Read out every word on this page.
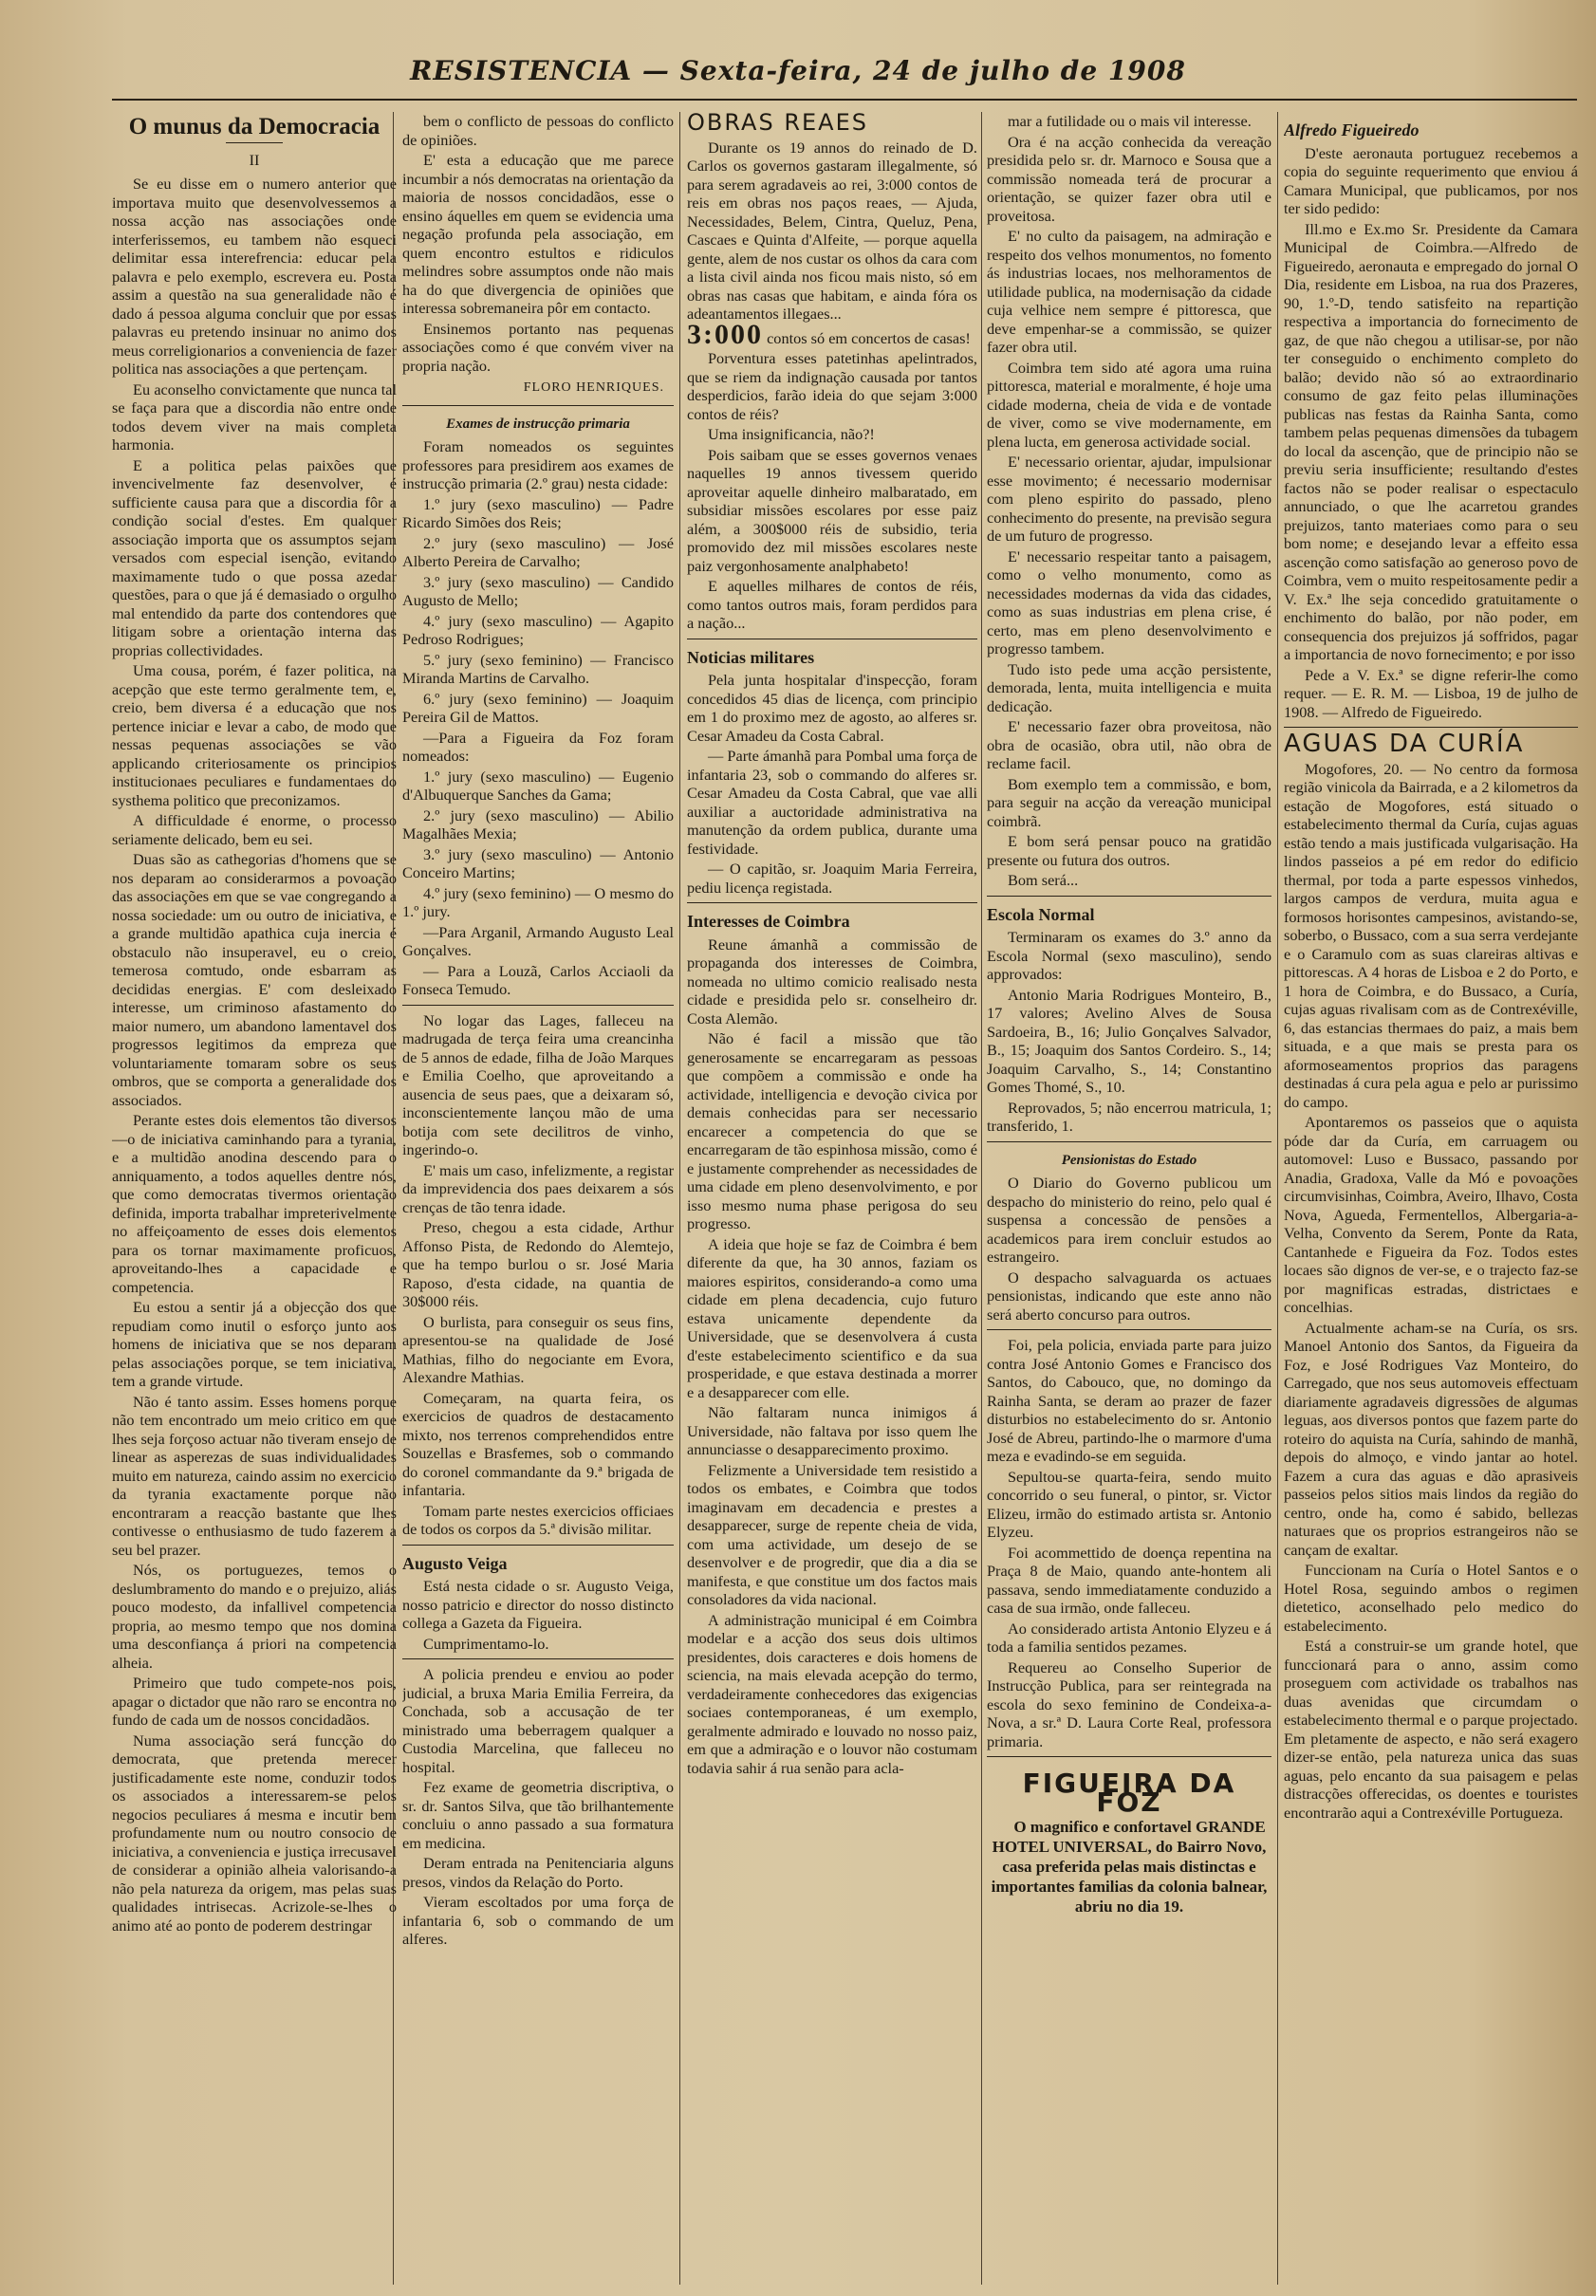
RESISTENCIA — Sexta-feira, 24 de julho de 1908
O munus da Democracia
II

Se eu disse em o numero anterior que importava muito que desenvolvessemos a nossa acção nas associações onde interferissemos, eu tambem não esqueci delimitar essa interefrencia: educar pela palavra e pelo exemplo, escrevera eu. Posta assim a questão na sua generalidade não é dado á pessoa alguma concluir que por essas palavras eu pretendo insinuar no animo dos meus correligionarios a conveniencia de fazer politica nas associações a que pertençam.

Eu aconselho convictamente que nunca tal se faça para que a discordia não entre onde todos devem viver na mais completa harmonia.

E a politica pelas paixões que invencivelmente faz desenvolver, é sufficiente causa para que a discordia fôr a condição social d'estes. Em qualquer associação importa que os assumptos sejam versados com especial isenção, evitando maximamente tudo o que possa azedar questões, para o que já é demasiado o orgulho mal entendido da parte dos contendores que litigam sobre a orientação interna das proprias collectividades.

Uma cousa, porém, é fazer politica, na acepção que este termo geralmente tem, e, creio, bem diversa é a educação que nos pertence iniciar e levar a cabo, de modo que nessas pequenas associações se vão applicando criteriosamente os principios institucionaes peculiares e fundamentaes do systhema politico que preconizamos.

A difficuldade é enorme, o processo seriamente delicado, bem eu sei.

Duas são as cathegorias d'homens que se nos deparam ao considerarmos a povoação das associações em que se vae congregando a nossa sociedade: um ou outro de iniciativa, e a grande multidão apathica cuja inercia é obstaculo não insuperavel, eu o creio, temerosa comtudo, onde esbarram as decididas energias. E' com desleixado interesse, um criminoso afastamento do maior numero, um abandono lamentavel dos progressos legitimos da empreza que voluntariamente tomaram sobre os seus ombros, que se comporta a generalidade dos associados.

Perante estes dois elementos tão diversos—o de iniciativa caminhando para a tyrania, e a multidão anodina descendo para o anniquamento, a todos aquelles dentre nós, que como democratas tivermos orientação definida, importa trabalhar impreterivelmente no affeiçoamento de esses dois elementos para os tornar maximamente proficuos, aproveitando-lhes a capacidade e competencia.

Eu estou a sentir já a objecção dos que repudiam como inutil o esforço junto aos homens de iniciativa que se nos deparam pelas associações porque, se tem iniciativa, tem a grande virtude.

Não é tanto assim. Esses homens porque não tem encontrado um meio critico em que lhes seja forçoso actuar não tiveram ensejo de linear as asperezas de suas individualidades muito em natureza, caindo assim no exercicio da tyrania exactamente porque não encontraram a reacção bastante que lhes contivesse o enthusiasmo de tudo fazerem a seu bel prazer.

Nós, os portuguezes, temos o deslumbramento do mando e o prejuizo, aliás pouco modesto, da infallivel competencia propria, ao mesmo tempo que nos domina uma desconfiança á priori na competencia alheia.

Primeiro que tudo compete-nos pois, apagar o dictador que não raro se encontra no fundo de cada um de nossos concidadãos.

Numa associação será funcção do democrata, que pretenda merecer justificadamente este nome, conduzir todos os associados a interessarem-se pelos negocios peculiares á mesma e incutir bem profundamente num ou noutro consocio de iniciativa, a conveniencia e justiça irrecusavel de considerar a opinião alheia valorisando-a não pela natureza da origem, mas pelas suas qualidades intrisecas. Acrizole-se-lhes o animo até ao ponto de poderem destringar

bem o conflicto de pessoas do conflicto de opiniões.

E' esta a educação que me parece incumbir a nós democratas na orientação da maioria de nossos concidadãos, esse o ensino áquelles em quem se evidencia uma negação profunda pela associação, em quem encontro estultos e ridiculos melindres sobre assumptos onde não mais ha do que divergencia de opiniões que interessa sobremaneira pôr em contacto.

Ensinemos portanto nas pequenas associações como é que convém viver na propria nação.

FLORO HENRIQUES.
Exames de instrucção primaria

Foram nomeados os seguintes professores para presidirem aos exames de instrucção primaria (2.º grau) nesta cidade:

1.º jury (sexo masculino) — Padre Ricardo Simões dos Reis;

2.º jury (sexo masculino) — José Alberto Pereira de Carvalho;

3.º jury (sexo masculino) — Candido Augusto de Mello;

4.º jury (sexo masculino) — Agapito Pedroso Rodrigues;

5.º jury (sexo feminino) — Francisco Miranda Martins de Carvalho.

6.º jury (sexo feminino) — Joaquim Pereira Gil de Mattos.

—Para a Figueira da Foz foram nomeados:

1.º jury (sexo masculino) — Eugenio d'Albuquerque Sanches da Gama;

2.º jury (sexo masculino) — Abilio Magalhães Mexia;

3.º jury (sexo masculino) — Antonio Conceiro Martins;

4.º jury (sexo feminino) — O mesmo do 1.º jury.

—Para Arganil, Armando Augusto Leal Gonçalves.

— Para a Louzã, Carlos Acciaoli da Fonseca Temudo.

No logar das Lages, falleceu na madrugada de terça feira uma creancinha de 5 annos de edade, filha de João Marques e Emilia Coelho, que aproveitando a ausencia de seus paes, que a deixaram só, inconscientemente lançou mão de uma botija com sete decilitros de vinho, ingerindo-o.

E' mais um caso, infelizmente, a registar da imprevidencia dos paes deixarem a sós crenças de tão tenra idade.

Preso, chegou a esta cidade, Arthur Affonso Pista, de Redondo do Alemtejo, que ha tempo burlou o sr. José Maria Raposo, d'esta cidade, na quantia de 30$000 réis.

O burlista, para conseguir os seus fins, apresentou-se na qualidade de José Mathias, filho do negociante em Evora, Alexandre Mathias.

Começaram, na quarta feira, os exercicios de quadros de destacamento mixto, nos terrenos comprehendidos entre Souzellas e Brasfemes, sob o commando do coronel commandante da 9.ª brigada de infantaria.

Tomam parte nestes exercicios officiaes de todos os corpos da 5.ª divisão militar.

Augusto Veiga

Está nesta cidade o sr. Augusto Veiga, nosso patricio e director do nosso distincto collega a Gazeta da Figueira.

Cumprimentamo-lo.

A policia prendeu e enviou ao poder judicial, a bruxa Maria Emilia Ferreira, da Conchada, sob a accusação de ter ministrado uma beberragem qualquer a Custodia Marcelina, que falleceu no hospital.

Fez exame de geometria discriptiva, o sr. dr. Santos Silva, que tão brilhantemente concluiu o anno passado a sua formatura em medicina.

Deram entrada na Penitenciaria alguns presos, vindos da Relação do Porto.

Vieram escoltados por uma força de infantaria 6, sob o commando de um alferes.

OBRAS REAES

Durante os 19 annos do reinado de D. Carlos os governos gastaram illegalmente, só para serem agradaveis ao rei, 3:000 contos de reis em obras nos paços reaes, — Ajuda, Necessidades, Belem, Cintra, Queluz, Pena, Cascaes e Quinta d'Alfeite, — porque aquella gente, alem de nos custar os olhos da cara com a lista civil ainda nos ficou mais nisto, só em obras nas casas que habitam, e ainda fóra os adeantamentos illegaes...

3:000 contos só em concertos de casas!

Porventura esses patetinhas apelintrados, que se riem da indignação causada por tantos desperdicios, farão ideia do que sejam 3:000 contos de réis?

Uma insignificancia, não?!

Pois saibam que se esses governos venaes naquelles 19 annos tivessem querido aproveitar aquelle dinheiro malbaratado, em subsidiar missões escolares por esse paiz além, a 300$000 réis de subsidio, teria promovido dez mil missões escolares neste paiz vergonhosamente analphabeto!

E aquelles milhares de contos de réis, como tantos outros mais, foram perdidos para a nação...

Noticias militares

Pela junta hospitalar d'inspecção, foram concedidos 45 dias de licença, com principio em 1 do proximo mez de agosto, ao alferes sr. Cesar Amadeu da Costa Cabral.

— Parte ámanhã para Pombal uma força de infantaria 23, sob o commando do alferes sr. Cesar Amadeu da Costa Cabral, que vae alli auxiliar a auctoridade administrativa na manutenção da ordem publica, durante uma festividade.

— O capitão, sr. Joaquim Maria Ferreira, pediu licença registada.

Interesses de Coimbra

Reune ámanhã a commissão de propaganda dos interesses de Coimbra, nomeada no ultimo comicio realisado nesta cidade e presidida pelo sr. conselheiro dr. Costa Alemão.

Não é facil a missão que tão generosamente se encarregaram as pessoas que compõem a commissão e onde ha actividade, intelligencia e devoção civica por demais conhecidas para ser necessario encarecer a competencia do que se encarregaram de tão espinhosa missão, como é e justamente comprehender as necessidades de uma cidade em pleno desenvolvimento, e por isso mesmo numa phase perigosa do seu progresso.

A ideia que hoje se faz de Coimbra é bem diferente da que, ha 30 annos, faziam os maiores espiritos, considerando-a como uma cidade em plena decadencia, cujo futuro estava unicamente dependente da Universidade, que se desenvolvera á custa d'este estabelecimento scientifico e da sua prosperidade, e que estava destinada a morrer e a desapparecer com elle.

Não faltaram nunca inimigos á Universidade, não faltava por isso quem lhe annunciasse o desapparecimento proximo.

Felizmente a Universidade tem resistido a todos os embates, e Coimbra que todos imaginavam em decadencia e prestes a desapparecer, surge de repente cheia de vida, com uma actividade, um desejo de se desenvolver e de progredir, que dia a dia se manifesta, e que constitue um dos factos mais consoladores da vida nacional.

A administração municipal é em Coimbra modelar e a acção dos seus dois ultimos presidentes, dois caracteres e dois homens de sciencia, na mais elevada acepção do termo, verdadeiramente conhecedores das exigencias sociaes contemporaneas, é um exemplo, geralmente admirado e louvado no nosso paiz, em que a admiração e o louvor não costumam todavia sahir á rua senão para acla-

mar a futilidade ou o mais vil interesse.

Ora é na acção conhecida da vereação presidida pelo sr. dr. Marnoco e Sousa que a commissão nomeada terá de procurar a orientação, se quizer fazer obra util e proveitosa.

E' no culto da paisagem, na admiração e respeito dos velhos monumentos, no fomento ás industrias locaes, nos melhoramentos de utilidade publica, na modernisação da cidade cuja velhice nem sempre é pittoresca, que deve empenhar-se a commissão, se quizer fazer obra util.

Coimbra tem sido até agora uma ruina pittoresca, material e moralmente, é hoje uma cidade moderna, cheia de vida e de vontade de viver, como se vive modernamente, em plena lucta, em generosa actividade social.

E' necessario orientar, ajudar, impulsionar esse movimento; é necessario modernisar com pleno espirito do passado, pleno conhecimento do presente, na previsão segura de um futuro de progresso.

E' necessario respeitar tanto a paisagem, como o velho monumento, como as necessidades modernas da vida das cidades, como as suas industrias em plena crise, é certo, mas em pleno desenvolvimento e progresso tambem.

Tudo isto pede uma acção persistente, demorada, lenta, muita intelligencia e muita dedicação.

E' necessario fazer obra proveitosa, não obra de ocasião, obra util, não obra de reclame facil.

Bom exemplo tem a commissão, e bom, para seguir na acção da vereação municipal coimbrã.

E bom será pensar pouco na gratidão presente ou futura dos outros.

Bom será...

Escola Normal

Terminaram os exames do 3.º anno da Escola Normal (sexo masculino), sendo approvados:

Antonio Maria Rodrigues Monteiro, B., 17 valores; Avelino Alves de Sousa Sardoeira, B., 16; Julio Gonçalves Salvador, B., 15; Joaquim dos Santos Cordeiro. S., 14; Joaquim Carvalho, S., 14; Constantino Gomes Thomé, S., 10.

Reprovados, 5; não encerrou matricula, 1; transferido, 1.

Pensionistas do Estado

O Diario do Governo publicou um despacho do ministerio do reino, pelo qual é suspensa a concessão de pensões a academicos para irem concluir estudos ao estrangeiro.

O despacho salvaguarda os actuaes pensionistas, indicando que este anno não será aberto concurso para outros.

Foi, pela policia, enviada parte para juizo contra José Antonio Gomes e Francisco dos Santos, do Cabouco, que, no domingo da Rainha Santa, se deram ao prazer de fazer disturbios no estabelecimento do sr. Antonio José de Abreu, partindo-lhe o marmore d'uma meza e evadindo-se em seguida.

Sepultou-se quarta-feira, sendo muito concorrido o seu funeral, o pintor, sr. Victor Elizeu, irmão do estimado artista sr. Antonio Elyzeu.

Foi acommettido de doença repentina na Praça 8 de Maio, quando ante-hontem ali passava, sendo immediatamente conduzido a casa de sua irmão, onde falleceu.

Ao considerado artista Antonio Elyzeu e á toda a familia sentidos pezames.

Requereu ao Conselho Superior de Instrucção Publica, para ser reintegrada na escola do sexo feminino de Condeixa-a-Nova, a sr.ª D. Laura Corte Real, professora primaria.

FIGUEIRA DA FOZ

O magnifico e confortavel GRANDE HOTEL UNIVERSAL, do Bairro Novo, casa preferida pelas mais distinctas e importantes familias da colonia balnear, abriu no dia 19.

Alfredo Figueiredo

D'este aeronauta portuguez recebemos a copia do seguinte requerimento que enviou á Camara Municipal, que publicamos, por nos ter sido pedido:

Ill.mo e Ex.mo Sr. Presidente da Camara Municipal de Coimbra.—Alfredo de Figueiredo, aeronauta e empregado do jornal O Dia, residente em Lisboa, na rua dos Prazeres, 90, 1.º-D, tendo satisfeito na repartição respectiva a importancia do fornecimento de gaz, de que não chegou a utilisar-se, por não ter conseguido o enchimento completo do balão; devido não só ao extraordinario consumo de gaz feito pelas illuminações publicas nas festas da Rainha Santa, como tambem pelas pequenas dimensões da tubagem do local da ascenção, que de principio não se previu seria insufficiente; resultando d'estes factos não se poder realisar o espectaculo annunciado, o que lhe acarretou grandes prejuizos, tanto materiaes como para o seu bom nome; e desejando levar a effeito essa ascenção como satisfação ao generoso povo de Coimbra, vem o muito respeitosamente pedir a V. Ex.ª lhe seja concedido gratuitamente o enchimento do balão, por não poder, em consequencia dos prejuizos já soffridos, pagar a importancia de novo fornecimento; e por isso

Pede a V. Ex.ª se digne referir-lhe como requer. — E. R. M. — Lisboa, 19 de julho de 1908. — Alfredo de Figueiredo.

AGUAS DA CURÍA

Mogofores, 20. — No centro da formosa região vinicola da Bairrada, e a 2 kilometros da estação de Mogofores, está situado o estabelecimento thermal da Curía, cujas aguas estão tendo a mais justificada vulgarisação. Ha lindos passeios a pé em redor do edificio thermal, por toda a parte espessos vinhedos, largos campos de verdura, muita agua e formosos horisontes campesinos, avistando-se, soberbo, o Bussaco, com a sua serra verdejante e o Caramulo com as suas clareiras altivas e pittorescas. A 4 horas de Lisboa e 2 do Porto, e 1 hora de Coimbra, e do Bussaco, a Curía, cujas aguas rivalisam com as de Contrexéville, 6, das estancias thermaes do paiz, a mais bem situada, e a que mais se presta para os aformoseamentos proprios das paragens destinadas á cura pela agua e pelo ar purissimo do campo.

Apontaremos os passeios que o aquista póde dar da Curía, em carruagem ou automovel: Luso e Bussaco, passando por Anadia, Gradoxa, Valle da Mó e povoações circumvisinhas, Coimbra, Aveiro, Ilhavo, Costa Nova, Agueda, Fermentellos, Albergaria-a-Velha, Convento da Serem, Ponte da Rata, Cantanhede e Figueira da Foz. Todos estes locaes são dignos de ver-se, e o trajecto faz-se por magnificas estradas, districtaes e concelhias.

Actualmente acham-se na Curía, os srs. Manoel Antonio dos Santos, da Figueira da Foz, e José Rodrigues Vaz Monteiro, do Carregado, que nos seus automoveis effectuam diariamente agradaveis digressões de algumas leguas, aos diversos pontos que fazem parte do roteiro do aquista na Curía, sahindo de manhã, depois do almoço, e vindo jantar ao hotel. Fazem a cura das aguas e dão aprasiveis passeios pelos sitios mais lindos da região do centro, onde ha, como é sabido, bellezas naturaes que os proprios estrangeiros não se cançam de exaltar.

Funccionam na Curía o Hotel Santos e o Hotel Rosa, seguindo ambos o regimen dietetico, aconselhado pelo medico do estabelecimento.

Está a construir-se um grande hotel, que funccionará para o anno, assim como proseguem com actividade os trabalhos nas duas avenidas que circumdam o estabelecimento thermal e o parque projectado. Em pletamente de aspecto, e não será exagero dizer-se então, pela natureza unica das suas aguas, pelo encanto da sua paisagem e pelas distracções offerecidas, os doentes e touristes encontrarão aqui a Contrexéville Portugueza.
